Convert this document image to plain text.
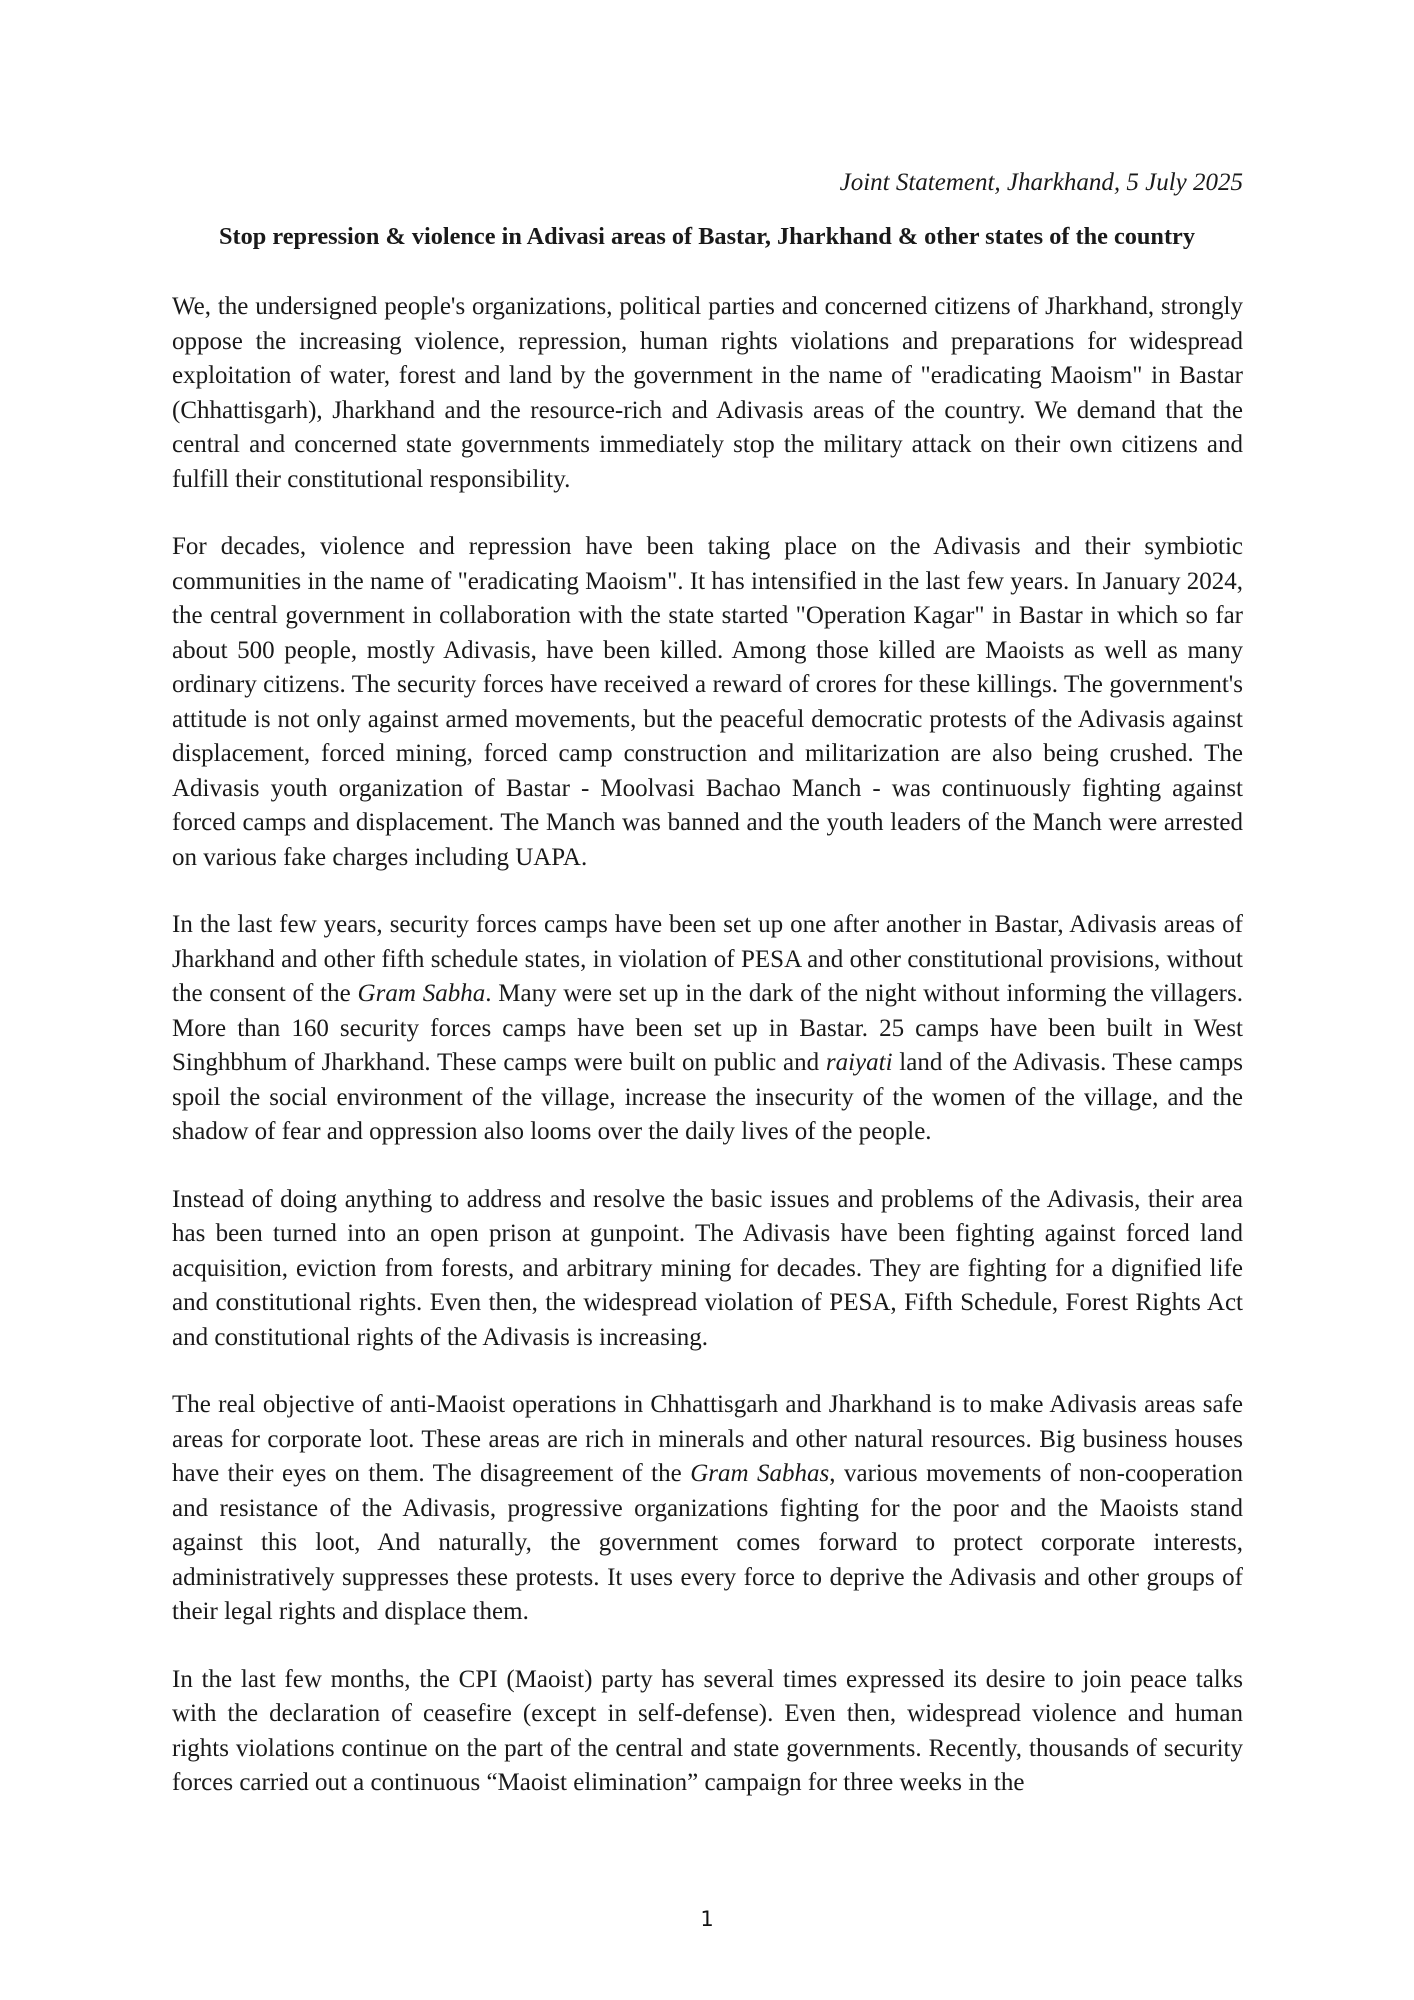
Joint Statement, Jharkhand, 5 July 2025

Stop repression & violence in Adivasi areas of Bastar, Jharkhand & other states of the country

We, the undersigned people's organizations, political parties and concerned citizens of Jharkhand, strongly oppose the increasing violence, repression, human rights violations and preparations for widespread exploitation of water, forest and land by the government in the name of "eradicating Maoism" in Bastar (Chhattisgarh), Jharkhand and the resource-rich and Adivasis areas of the country. We demand that the central and concerned state governments immediately stop the military attack on their own citizens and fulfill their constitutional responsibility.

For decades, violence and repression have been taking place on the Adivasis and their symbiotic communities in the name of "eradicating Maoism". It has intensified in the last few years. In January 2024, the central government in collaboration with the state started "Operation Kagar" in Bastar in which so far about 500 people, mostly Adivasis, have been killed. Among those killed are Maoists as well as many ordinary citizens. The security forces have received a reward of crores for these killings. The government's attitude is not only against armed movements, but the peaceful democratic protests of the Adivasis against displacement, forced mining, forced camp construction and militarization are also being crushed. The Adivasis youth organization of Bastar - Moolvasi Bachao Manch - was continuously fighting against forced camps and displacement. The Manch was banned and the youth leaders of the Manch were arrested on various fake charges including UAPA.

In the last few years, security forces camps have been set up one after another in Bastar, Adivasis areas of Jharkhand and other fifth schedule states, in violation of PESA and other constitutional provisions, without the consent of the Gram Sabha. Many were set up in the dark of the night without informing the villagers. More than 160 security forces camps have been set up in Bastar. 25 camps have been built in West Singhbhum of Jharkhand. These camps were built on public and raiyati land of the Adivasis. These camps spoil the social environment of the village, increase the insecurity of the women of the village, and the shadow of fear and oppression also looms over the daily lives of the people.

Instead of doing anything to address and resolve the basic issues and problems of the Adivasis, their area has been turned into an open prison at gunpoint. The Adivasis have been fighting against forced land acquisition, eviction from forests, and arbitrary mining for decades. They are fighting for a dignified life and constitutional rights. Even then, the widespread violation of PESA, Fifth Schedule, Forest Rights Act and constitutional rights of the Adivasis is increasing.

The real objective of anti-Maoist operations in Chhattisgarh and Jharkhand is to make Adivasis areas safe areas for corporate loot. These areas are rich in minerals and other natural resources. Big business houses have their eyes on them. The disagreement of the Gram Sabhas, various movements of non-cooperation and resistance of the Adivasis, progressive organizations fighting for the poor and the Maoists stand against this loot, And naturally, the government comes forward to protect corporate interests, administratively suppresses these protests. It uses every force to deprive the Adivasis and other groups of their legal rights and displace them.

In the last few months, the CPI (Maoist) party has several times expressed its desire to join peace talks with the declaration of ceasefire (except in self-defense). Even then, widespread violence and human rights violations continue on the part of the central and state governments. Recently, thousands of security forces carried out a continuous “Maoist elimination” campaign for three weeks in the

1
